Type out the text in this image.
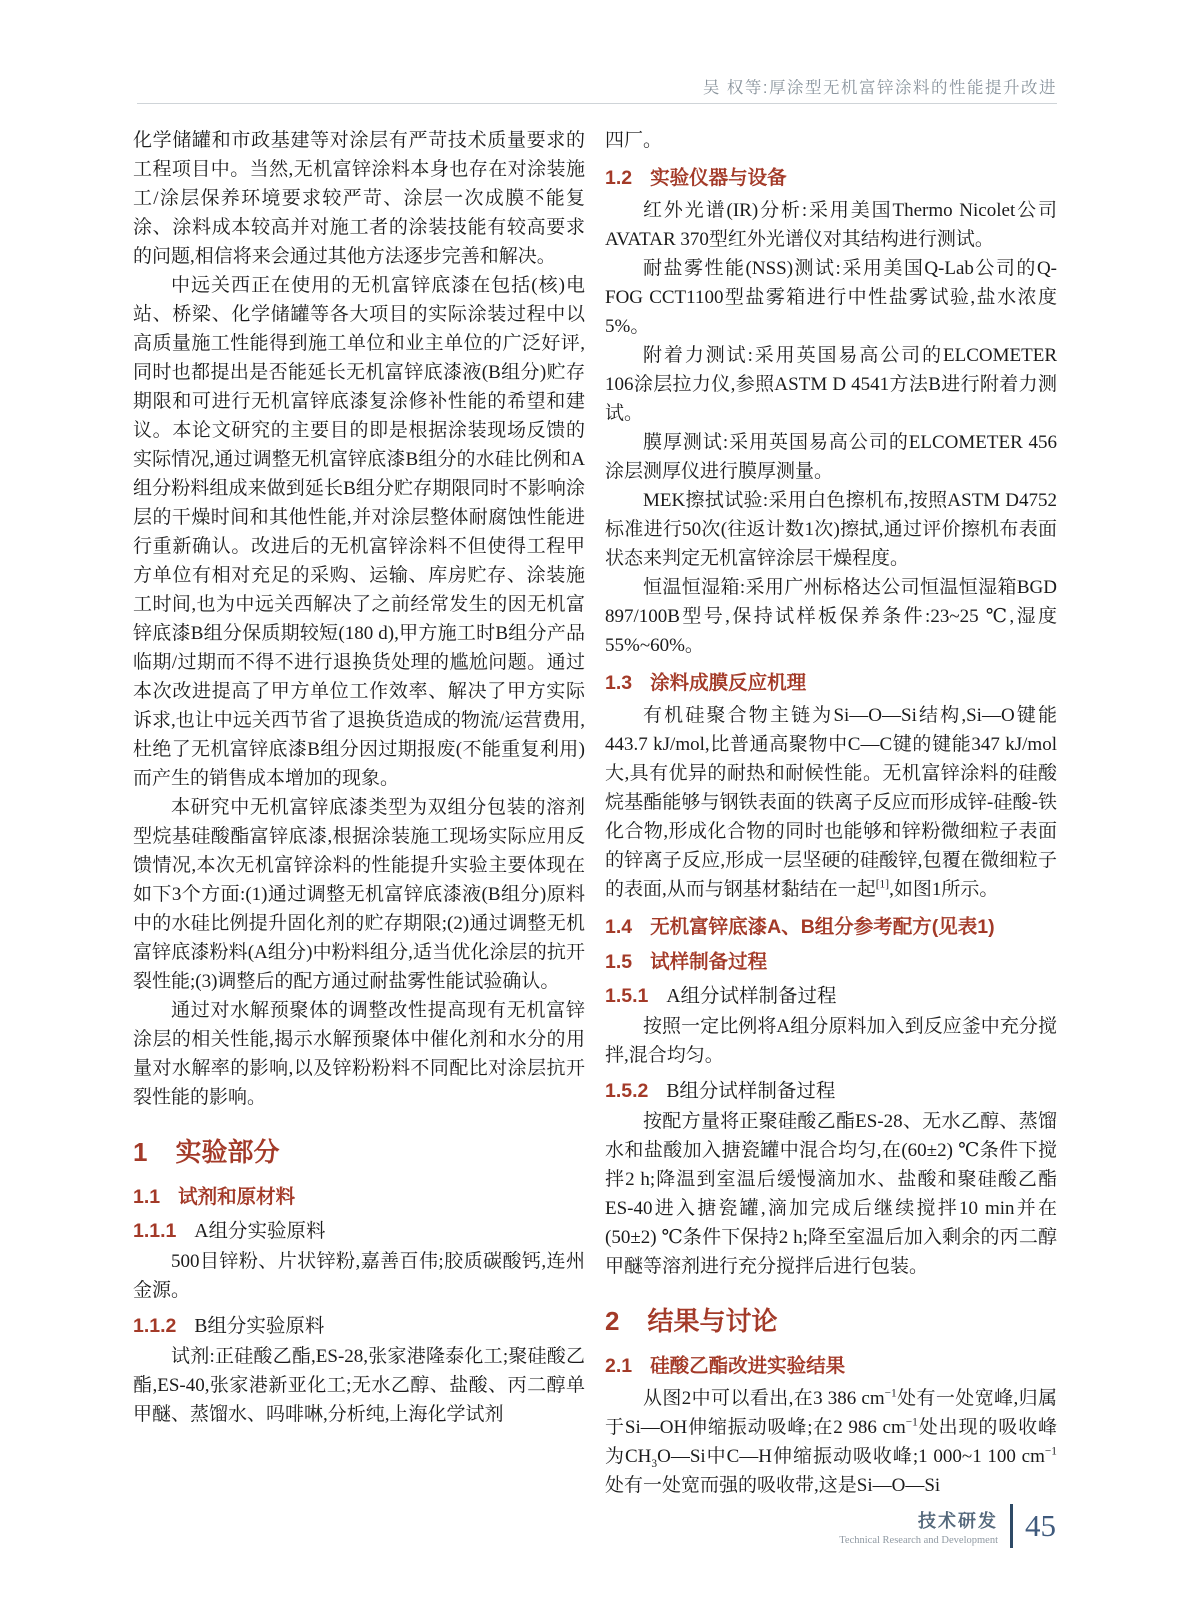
吴 权等:厚涂型无机富锌涂料的性能提升改进

化学储罐和市政基建等对涂层有严苛技术质量要求的工程项目中。当然,无机富锌涂料本身也存在对涂装施工/涂层保养环境要求较严苛、涂层一次成膜不能复涂、涂料成本较高并对施工者的涂装技能有较高要求的问题,相信将来会通过其他方法逐步完善和解决。

中远关西正在使用的无机富锌底漆在包括(核)电站、桥梁、化学储罐等各大项目的实际涂装过程中以高质量施工性能得到施工单位和业主单位的广泛好评,同时也都提出是否能延长无机富锌底漆液(B组分)贮存期限和可进行无机富锌底漆复涂修补性能的希望和建议。本论文研究的主要目的即是根据涂装现场反馈的实际情况,通过调整无机富锌底漆B组分的水硅比例和A组分粉料组成来做到延长B组分贮存期限同时不影响涂层的干燥时间和其他性能,并对涂层整体耐腐蚀性能进行重新确认。改进后的无机富锌涂料不但使得工程甲方单位有相对充足的采购、运输、库房贮存、涂装施工时间,也为中远关西解决了之前经常发生的因无机富锌底漆B组分保质期较短(180 d),甲方施工时B组分产品临期/过期而不得不进行退换货处理的尴尬问题。通过本次改进提高了甲方单位工作效率、解决了甲方实际诉求,也让中远关西节省了退换货造成的物流/运营费用,杜绝了无机富锌底漆B组分因过期报废(不能重复利用)而产生的销售成本增加的现象。

本研究中无机富锌底漆类型为双组分包装的溶剂型烷基硅酸酯富锌底漆,根据涂装施工现场实际应用反馈情况,本次无机富锌涂料的性能提升实验主要体现在如下3个方面:(1)通过调整无机富锌底漆液(B组分)原料中的水硅比例提升固化剂的贮存期限;(2)通过调整无机富锌底漆粉料(A组分)中粉料组分,适当优化涂层的抗开裂性能;(3)调整后的配方通过耐盐雾性能试验确认。

通过对水解预聚体的调整改性提高现有无机富锌涂层的相关性能,揭示水解预聚体中催化剂和水分的用量对水解率的影响,以及锌粉粉料不同配比对涂层抗开裂性能的影响。

1 实验部分
1.1 试剂和原材料
1.1.1 A组分实验原料

500目锌粉、片状锌粉,嘉善百伟;胶质碳酸钙,连州金源。

1.1.2 B组分实验原料

试剂:正硅酸乙酯,ES-28,张家港隆泰化工;聚硅酸乙酯,ES-40,张家港新亚化工;无水乙醇、盐酸、丙二醇单甲醚、蒸馏水、吗啡啉,分析纯,上海化学试剂

四厂。

1.2 实验仪器与设备

红外光谱(IR)分析:采用美国Thermo Nicolet公司AVATAR 370型红外光谱仪对其结构进行测试。

耐盐雾性能(NSS)测试:采用美国Q-Lab公司的Q-FOG CCT1100型盐雾箱进行中性盐雾试验,盐水浓度5%。

附着力测试:采用英国易高公司的ELCOMETER 106涂层拉力仪,参照ASTM D 4541方法B进行附着力测试。

膜厚测试:采用英国易高公司的ELCOMETER 456涂层测厚仪进行膜厚测量。

MEK擦拭试验:采用白色擦机布,按照ASTM D4752标准进行50次(往返计数1次)擦拭,通过评价擦机布表面状态来判定无机富锌涂层干燥程度。

恒温恒湿箱:采用广州标格达公司恒温恒湿箱BGD 897/100B型号,保持试样板保养条件:23~25 ℃,湿度55%~60%。

1.3 涂料成膜反应机理

有机硅聚合物主链为Si—O—Si结构,Si—O键能443.7 kJ/mol,比普通高聚物中C—C键的键能347 kJ/mol大,具有优异的耐热和耐候性能。无机富锌涂料的硅酸烷基酯能够与钢铁表面的铁离子反应而形成锌-硅酸-铁化合物,形成化合物的同时也能够和锌粉微细粒子表面的锌离子反应,形成一层坚硬的硅酸锌,包覆在微细粒子的表面,从而与钢基材黏结在一起[1],如图1所示。

1.4 无机富锌底漆A、B组分参考配方(见表1)
1.5 试样制备过程
1.5.1 A组分试样制备过程

按照一定比例将A组分原料加入到反应釜中充分搅拌,混合均匀。

1.5.2 B组分试样制备过程

按配方量将正聚硅酸乙酯ES-28、无水乙醇、蒸馏水和盐酸加入搪瓷罐中混合均匀,在(60±2) ℃条件下搅拌2 h;降温到室温后缓慢滴加水、盐酸和聚硅酸乙酯ES-40进入搪瓷罐,滴加完成后继续搅拌10 min并在(50±2) ℃条件下保持2 h;降至室温后加入剩余的丙二醇甲醚等溶剂进行充分搅拌后进行包装。

2 结果与讨论
2.1 硅酸乙酯改进实验结果

从图2中可以看出,在3 386 $cm^{-1}$处有一处宽峰,归属于Si—OH伸缩振动吸峰;在2 986 $cm^{-1}$处出现的吸收峰为$CH_3O—Si$中C—H伸缩振动吸收峰;1 000~1 100 $cm^{-1}$处有一处宽而强的吸收带,这是Si—O—Si

技术研发
Technical Research and Development 45
